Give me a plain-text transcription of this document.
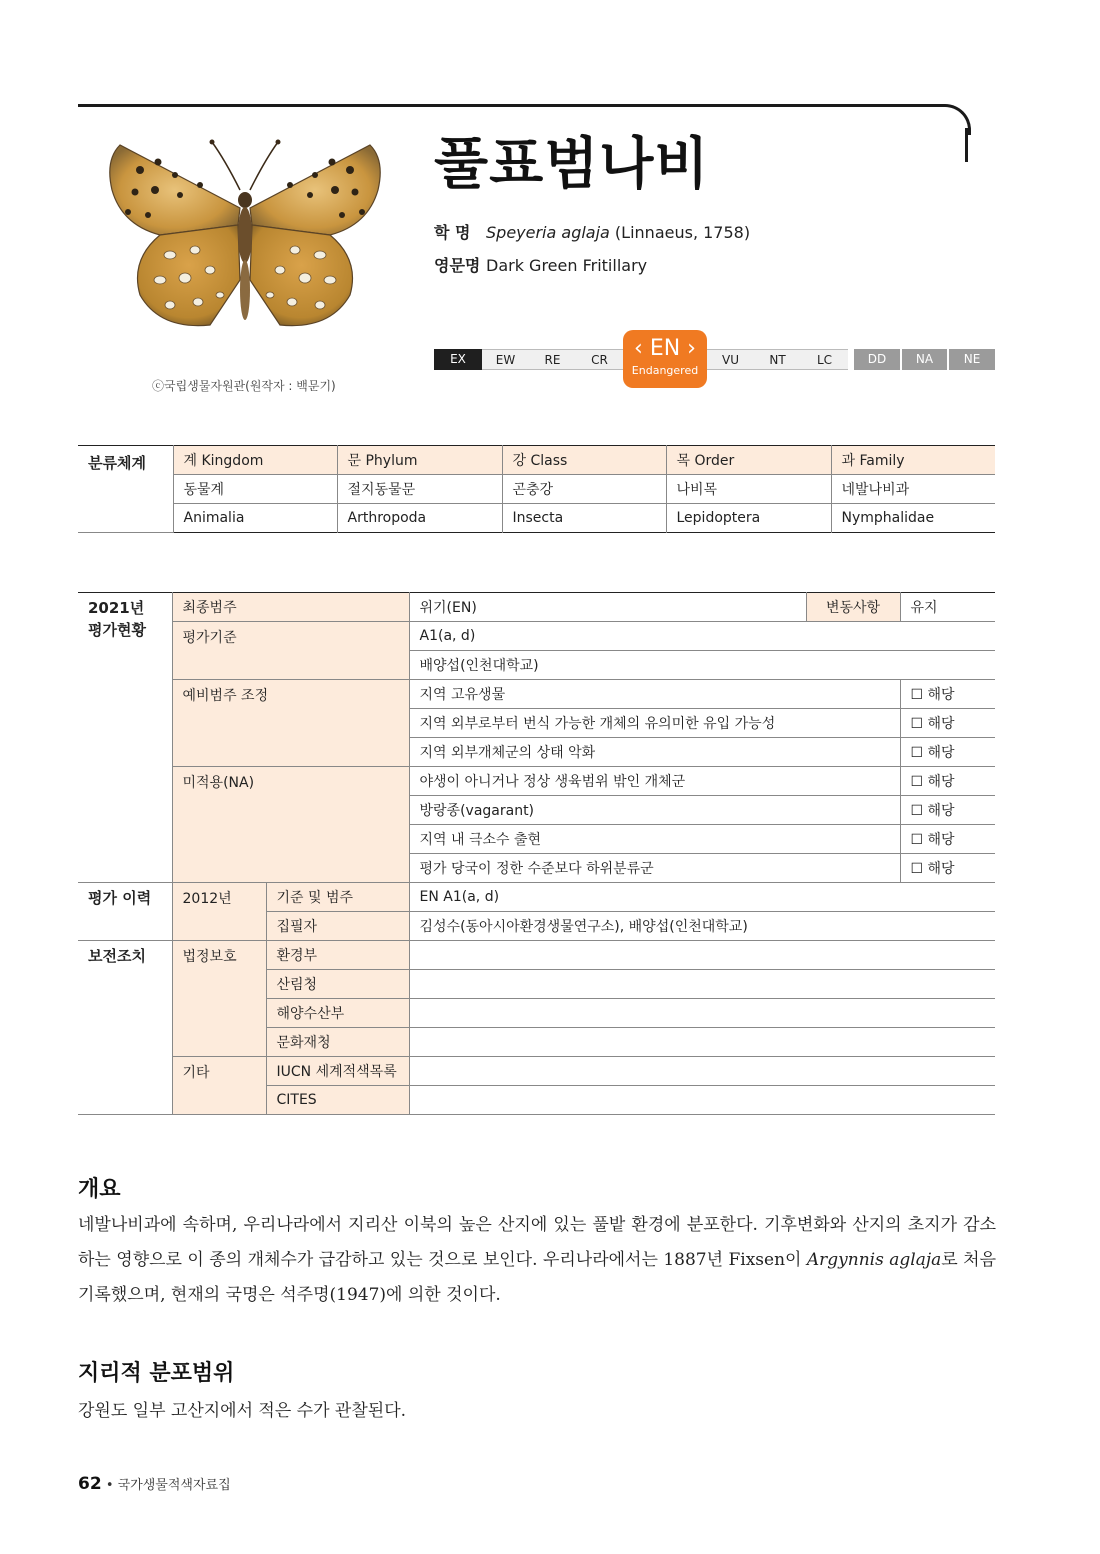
ⓒ국립생물자원관(원작자 : 백문기)
풀표범나비
학 명 Speyeria aglaja (Linnaeus, 1758)
영문명 Dark Green Fritillary
EX	EW	RE	CR	VU	NT	LC	DD	NA	NE
‹ EN ›
Endangered
분류체계	계 Kingdom	문 Phylum	강 Class	목 Order	과 Family
	동물계	절지동물문	곤충강	나비목	네발나비과
	Animalia	Arthropoda	Insecta	Lepidoptera	Nymphalidae
2021년
평가현황	최종범주		위기(EN)	변동사항	유지
	평가기준		A1(a, d)		
			배양섭(인천대학교)		
	예비범주 조정		지역 고유생물		☐ 해당
			지역 외부로부터 번식 가능한 개체의 유의미한 유입 가능성		☐ 해당
			지역 외부개체군의 상태 악화		☐ 해당
	미적용(NA)		야생이 아니거나 정상 생육범위 밖인 개체군		☐ 해당
			방랑종(vagarant)		☐ 해당
			지역 내 극소수 출현		☐ 해당
			평가 당국이 정한 수준보다 하위분류군		☐ 해당
평가 이력	2012년	기준 및 범주	EN A1(a, d)		
		집필자	김성수(동아시아환경생물연구소), 배양섭(인천대학교)		
보전조치	법정보호	환경부			
		산림청			
		해양수산부			
		문화재청			
	기타	IUCN 세계적색목록			
		CITES			
개요
네발나비과에 속하며, 우리나라에서 지리산 이북의 높은 산지에 있는 풀밭 환경에 분포한다. 기후변화와 산지의 초지가 감소하는 영향으로 이 종의 개체수가 급감하고 있는 것으로 보인다. 우리나라에서는 1887년 Fixsen이 Argynnis aglaja로 처음 기록했으며, 현재의 국명은 석주명(1947)에 의한 것이다.
지리적 분포범위
강원도 일부 고산지에서 적은 수가 관찰된다.
62 • 국가생물적색자료집
